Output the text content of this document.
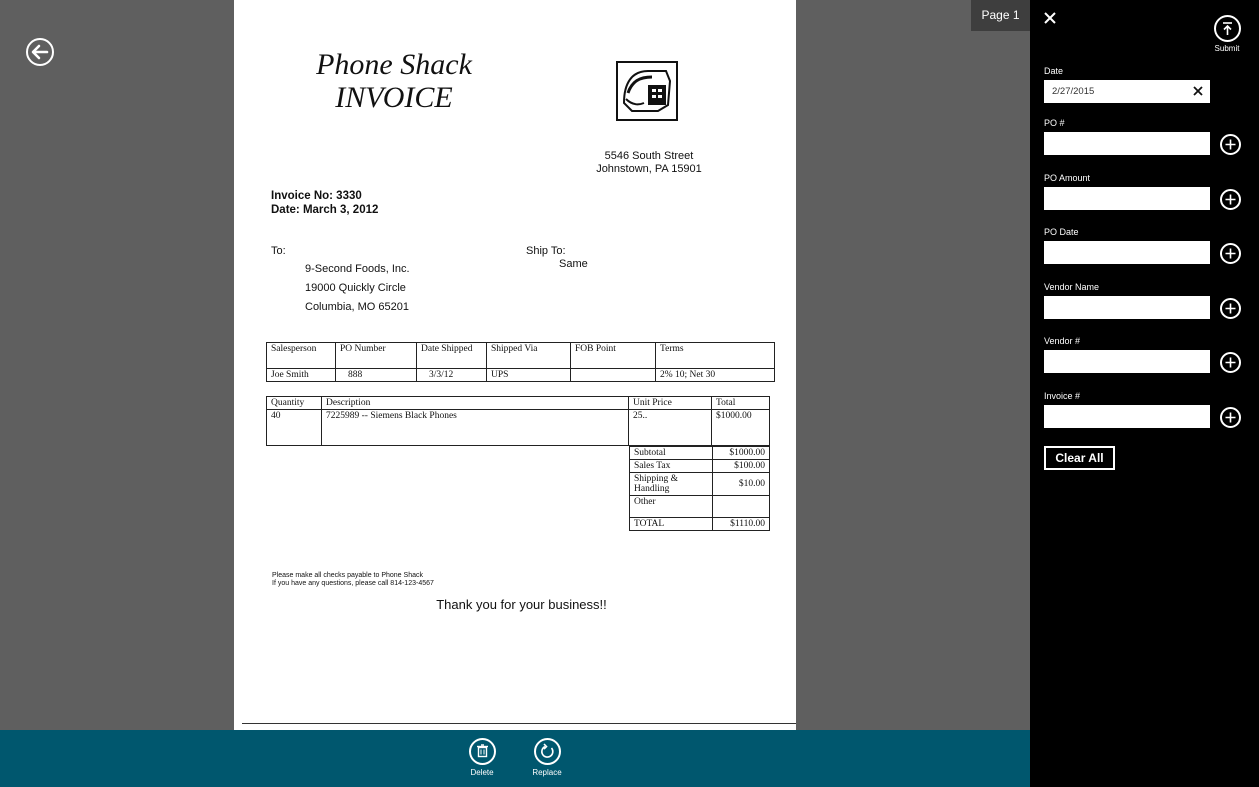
Phone Shack
INVOICE
5546 South Street
Johnstown, PA 15901
Invoice No: 3330
Date: March 3, 2012
To:
9-Second Foods, Inc.
19000 Quickly Circle
Columbia, MO 65201
Ship To:
Same
Salesperson	PO Number	Date Shipped	Shipped Via	FOB Point	Terms
Joe Smith	888	3/3/12	UPS		2% 10; Net 30
Quantity	Description	Unit Price	Total
40	7225989 -- Siemens Black Phones	25..	$1000.00
Subtotal	$1000.00
Sales Tax	$100.00
Shipping & Handling	$10.00
Other	
TOTAL	$1110.00
Please make all checks payable to Phone Shack
If you have any questions, please call 814-123-4567
Thank you for your business!!
Page 1
Delete	Replace
Submit
Date
2/27/2015
PO #
PO Amount
PO Date
Vendor Name
Vendor #
Invoice #
Clear All
